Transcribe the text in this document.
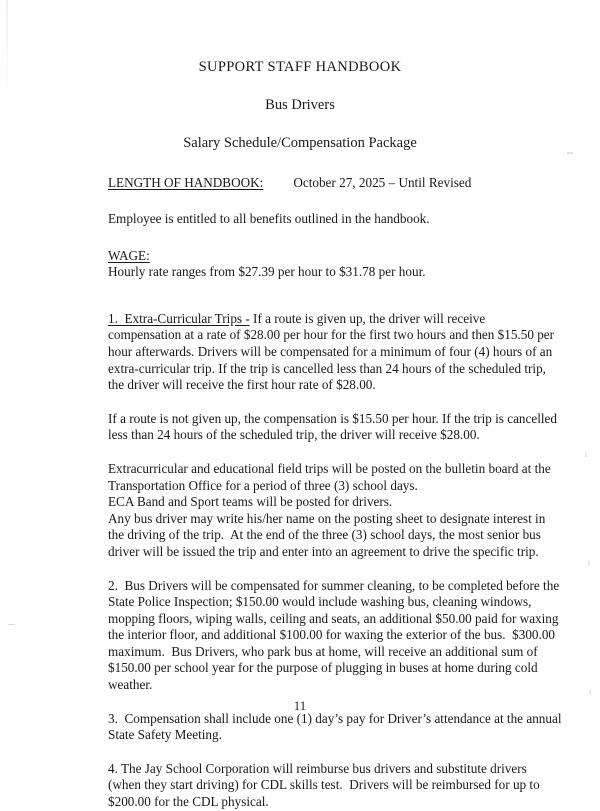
SUPPORT STAFF HANDBOOK
Bus Drivers
Salary Schedule/Compensation Package
LENGTH OF HANDBOOK: October 27, 2025 – Until Revised
Employee is entitled to all benefits outlined in the handbook.
WAGE:
Hourly rate ranges from $27.39 per hour to $31.78 per hour.
1.  Extra-Curricular Trips - If a route is given up, the driver will receive
compensation at a rate of $28.00 per hour for the first two hours and then $15.50 per
hour afterwards. Drivers will be compensated for a minimum of four (4) hours of an
extra-curricular trip. If the trip is cancelled less than 24 hours of the scheduled trip,
the driver will receive the first hour rate of $28.00.
If a route is not given up, the compensation is $15.50 per hour. If the trip is cancelled
less than 24 hours of the scheduled trip, the driver will receive $28.00.
Extracurricular and educational field trips will be posted on the bulletin board at the
Transportation Office for a period of three (3) school days.
ECA Band and Sport teams will be posted for drivers.
Any bus driver may write his/her name on the posting sheet to designate interest in
the driving of the trip.  At the end of the three (3) school days, the most senior bus
driver will be issued the trip and enter into an agreement to drive the specific trip.
2.  Bus Drivers will be compensated for summer cleaning, to be completed before the
State Police Inspection; $150.00 would include washing bus, cleaning windows,
mopping floors, wiping walls, ceiling and seats, an additional $50.00 paid for waxing
the interior floor, and additional $100.00 for waxing the exterior of the bus.  $300.00
maximum.  Bus Drivers, who park bus at home, will receive an additional sum of
$150.00 per school year for the purpose of plugging in buses at home during cold
weather.
3.  Compensation shall include one (1) day’s pay for Driver’s attendance at the annual
State Safety Meeting.
4. The Jay School Corporation will reimburse bus drivers and substitute drivers
(when they start driving) for CDL skills test.  Drivers will be reimbursed for up to
$200.00 for the CDL physical.
11
